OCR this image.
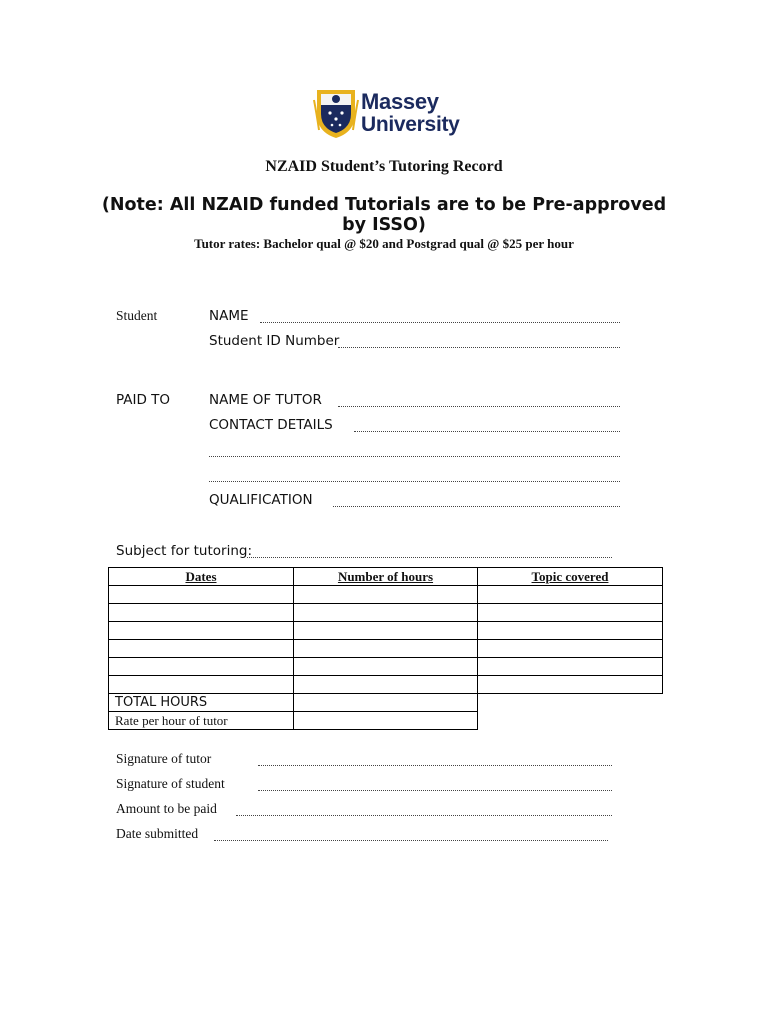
Massey
University
NZAID Student’s Tutoring Record
(Note: All NZAID funded Tutorials are to be Pre-approved by ISSO)
Tutor rates: Bachelor qual @ $20 and Postgrad qual @ $25 per hour
Student	NAME
Student ID Number
PAID TO	NAME OF TUTOR
CONTACT DETAILS
QUALIFICATION
Subject for tutoring:
Dates	Number of hours	Topic covered

TOTAL HOURS		
Rate per hour of tutor		
Signature of tutor
Signature of student
Amount to be paid
Date submitted
